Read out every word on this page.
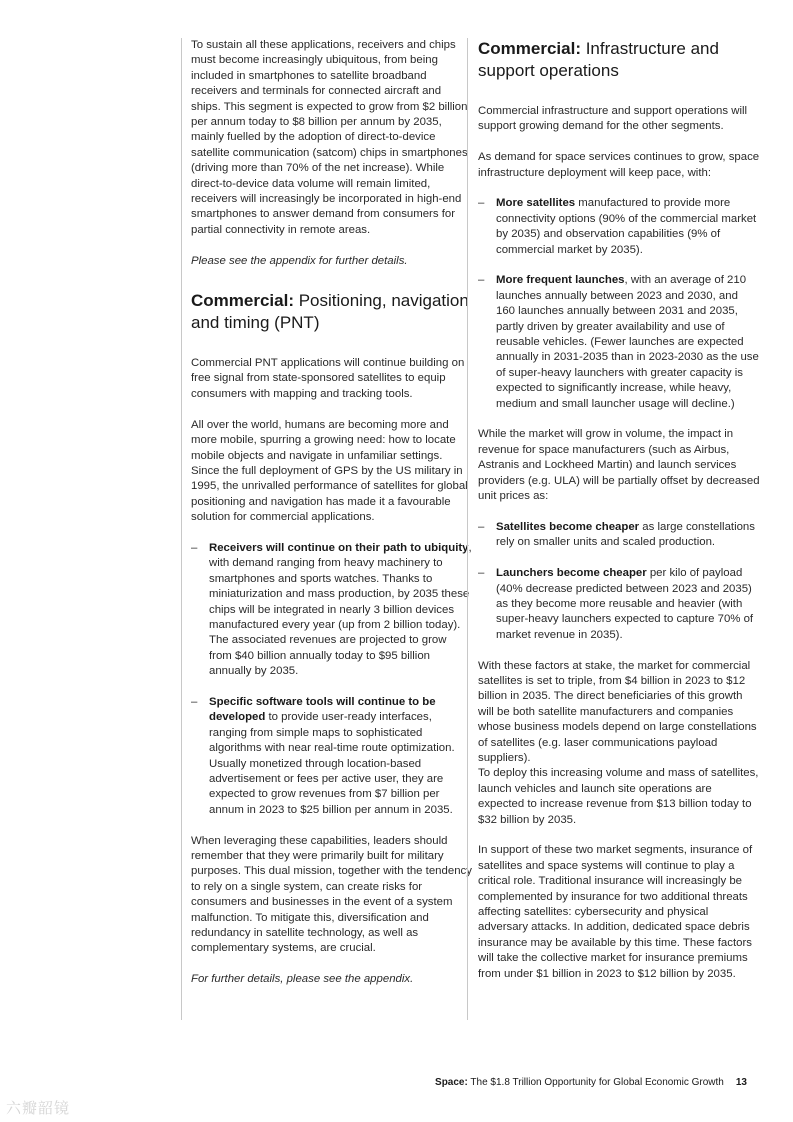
To sustain all these applications, receivers and chips must become increasingly ubiquitous, from being included in smartphones to satellite broadband receivers and terminals for connected aircraft and ships. This segment is expected to grow from $2 billion per annum today to $8 billion per annum by 2035, mainly fuelled by the adoption of direct-to-device satellite communication (satcom) chips in smartphones (driving more than 70% of the net increase). While direct-to-device data volume will remain limited, receivers will increasingly be incorporated in high-end smartphones to answer demand from consumers for partial connectivity in remote areas.

Please see the appendix for further details.

Commercial: Positioning, navigation and timing (PNT)

Commercial PNT applications will continue building on free signal from state-sponsored satellites to equip consumers with mapping and tracking tools.

All over the world, humans are becoming more and more mobile, spurring a growing need: how to locate mobile objects and navigate in unfamiliar settings. Since the full deployment of GPS by the US military in 1995, the unrivalled performance of satellites for global positioning and navigation has made it a favourable solution for commercial applications.

– Receivers will continue on their path to ubiquity, with demand ranging from heavy machinery to smartphones and sports watches. Thanks to miniaturization and mass production, by 2035 these chips will be integrated in nearly 3 billion devices manufactured every year (up from 2 billion today). The associated revenues are projected to grow from $40 billion annually today to $95 billion annually by 2035.
– Specific software tools will continue to be developed to provide user-ready interfaces, ranging from simple maps to sophisticated algorithms with near real-time route optimization. Usually monetized through location-based advertisement or fees per active user, they are expected to grow revenues from $7 billion per annum in 2023 to $25 billion per annum in 2035.

When leveraging these capabilities, leaders should remember that they were primarily built for military purposes. This dual mission, together with the tendency to rely on a single system, can create risks for consumers and businesses in the event of a system malfunction. To mitigate this, diversification and redundancy in satellite technology, as well as complementary systems, are crucial.

For further details, please see the appendix.

Commercial: Infrastructure and support operations

Commercial infrastructure and support operations will support growing demand for the other segments.

As demand for space services continues to grow, space infrastructure deployment will keep pace, with:

– More satellites manufactured to provide more connectivity options (90% of the commercial market by 2035) and observation capabilities (9% of commercial market by 2035).
– More frequent launches, with an average of 210 launches annually between 2023 and 2030, and 160 launches annually between 2031 and 2035, partly driven by greater availability and use of reusable vehicles. (Fewer launches are expected annually in 2031-2035 than in 2023-2030 as the use of super-heavy launchers with greater capacity is expected to significantly increase, while heavy, medium and small launcher usage will decline.)

While the market will grow in volume, the impact in revenue for space manufacturers (such as Airbus, Astranis and Lockheed Martin) and launch services providers (e.g. ULA) will be partially offset by decreased unit prices as:

– Satellites become cheaper as large constellations rely on smaller units and scaled production.
– Launchers become cheaper per kilo of payload (40% decrease predicted between 2023 and 2035) as they become more reusable and heavier (with super-heavy launchers expected to capture 70% of market revenue in 2035).

With these factors at stake, the market for commercial satellites is set to triple, from $4 billion in 2023 to $12 billion in 2035. The direct beneficiaries of this growth will be both satellite manufacturers and companies whose business models depend on large constellations of satellites (e.g. laser communications payload suppliers).

To deploy this increasing volume and mass of satellites, launch vehicles and launch site operations are expected to increase revenue from $13 billion today to $32 billion by 2035.

In support of these two market segments, insurance of satellites and space systems will continue to play a critical role. Traditional insurance will increasingly be complemented by insurance for two additional threats affecting satellites: cybersecurity and physical adversary attacks. In addition, dedicated space debris insurance may be available by this time. These factors will take the collective market for insurance premiums from under $1 billion in 2023 to $12 billion by 2035.

Space: The $1.8 Trillion Opportunity for Global Economic Growth 13
六瓣韶镜
